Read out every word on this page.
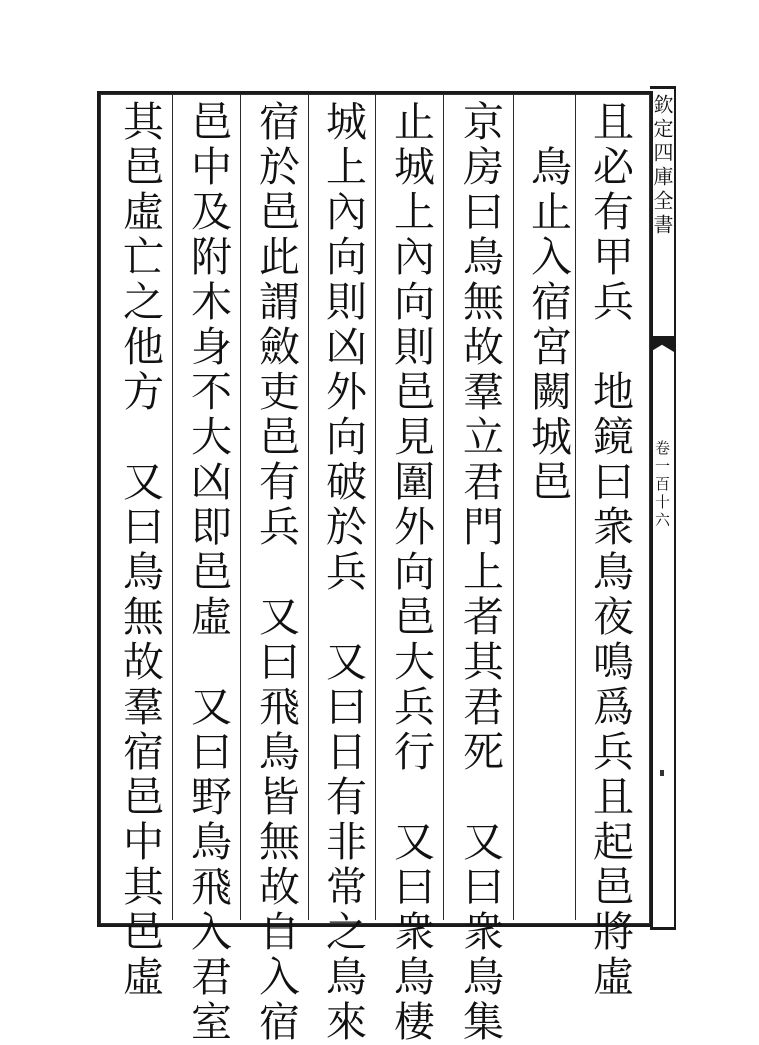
且必有甲兵　地鏡曰衆鳥夜鳴爲兵且起邑將虛
　鳥止入宿宮闕城邑
京房曰鳥無故羣立君門上者其君死　又曰衆鳥集
止城上內向則邑見圍外向邑大兵行　又曰衆鳥棲
城上內向則凶外向破於兵　又曰日有非常之鳥來
宿於邑此謂斂吏邑有兵　又曰飛鳥皆無故自入宿
邑中及附木身不大凶即邑虛　又曰野鳥飛入君室
其邑虛亡之他方　又曰鳥無故羣宿邑中其邑虛	欽定四庫全書
卷一百十六
